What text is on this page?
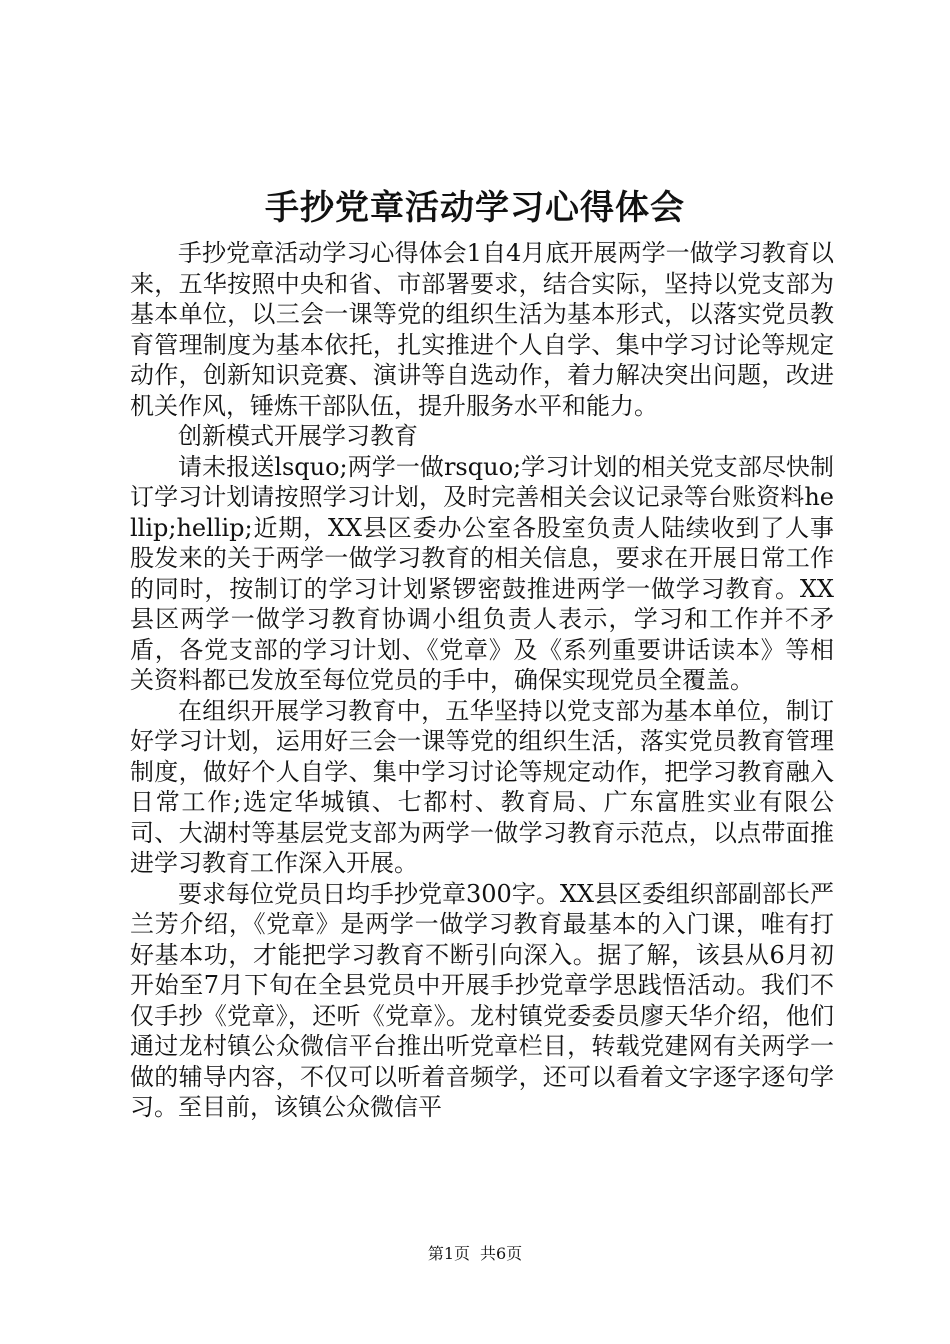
手抄党章活动学习心得体会

手抄党章活动学习心得体会1自4月底开展两学一做学习教育以来，五华按照中央和省、市部署要求，结合实际，坚持以党支部为基本单位，以三会一课等党的组织生活为基本形式，以落实党员教育管理制度为基本依托，扎实推进个人自学、集中学习讨论等规定动作，创新知识竞赛、演讲等自选动作，着力解决突出问题，改进机关作风，锤炼干部队伍，提升服务水平和能力。

创新模式开展学习教育

请未报送lsquo;两学一做rsquo;学习计划的相关党支部尽快制订学习计划请按照学习计划，及时完善相关会议记录等台账资料hellip;hellip;近期，XX县区委办公室各股室负责人陆续收到了人事股发来的关于两学一做学习教育的相关信息，要求在开展日常工作的同时，按制订的学习计划紧锣密鼓推进两学一做学习教育。XX县区两学一做学习教育协调小组负责人表示，学习和工作并不矛盾，各党支部的学习计划、《党章》及《系列重要讲话读本》等相关资料都已发放至每位党员的手中，确保实现党员全覆盖。

在组织开展学习教育中，五华坚持以党支部为基本单位，制订好学习计划，运用好三会一课等党的组织生活，落实党员教育管理制度，做好个人自学、集中学习讨论等规定动作，把学习教育融入日常工作;选定华城镇、七都村、教育局、广东富胜实业有限公司、大湖村等基层党支部为两学一做学习教育示范点，以点带面推进学习教育工作深入开展。

要求每位党员日均手抄党章300字。XX县区委组织部副部长严兰芳介绍，《党章》是两学一做学习教育最基本的入门课，唯有打好基本功，才能把学习教育不断引向深入。据了解，该县从6月初开始至7月下旬在全县党员中开展手抄党章学思践悟活动。我们不仅手抄《党章》，还听《党章》。龙村镇党委委员廖天华介绍，他们通过龙村镇公众微信平台推出听党章栏目，转载党建网有关两学一做的辅导内容，不仅可以听着音频学，还可以看着文字逐字逐句学习。至目前，该镇公众微信平

第1页 共6页
